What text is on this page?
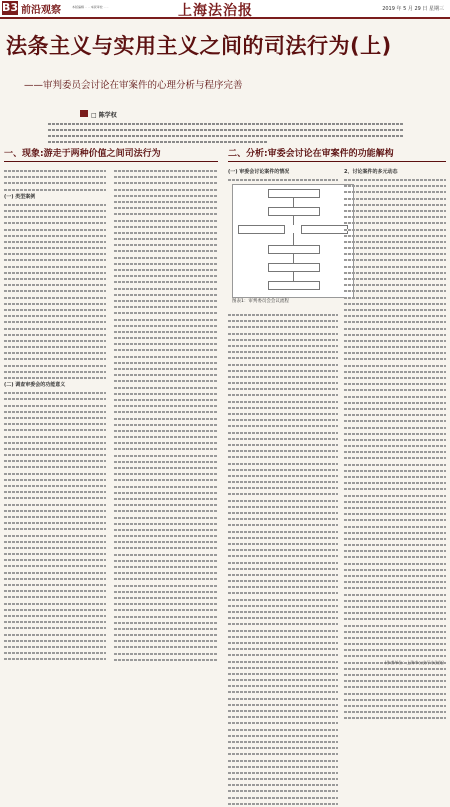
B3 前沿观察	本版编辑 ·· ·· 本版审校 ·· ··	上海法治报	2019 年 5 月 29 日 星期三
法条主义与实用主义之间的司法行为(上)
——审判委员会讨论在审案件的心理分析与程序完善
□ 陈学权
一、现象:游走于两种价值之间司法行为	二、分析:审委会讨论在审案件的功能解构
(一) 类型案例
(二) 调查审委会的功能意义
(一) 审委会讨论案件的情况
图表1：审判委员会会议流程
2、讨论案件的多元动态
(作者单位：上海市公安厅办法院)
